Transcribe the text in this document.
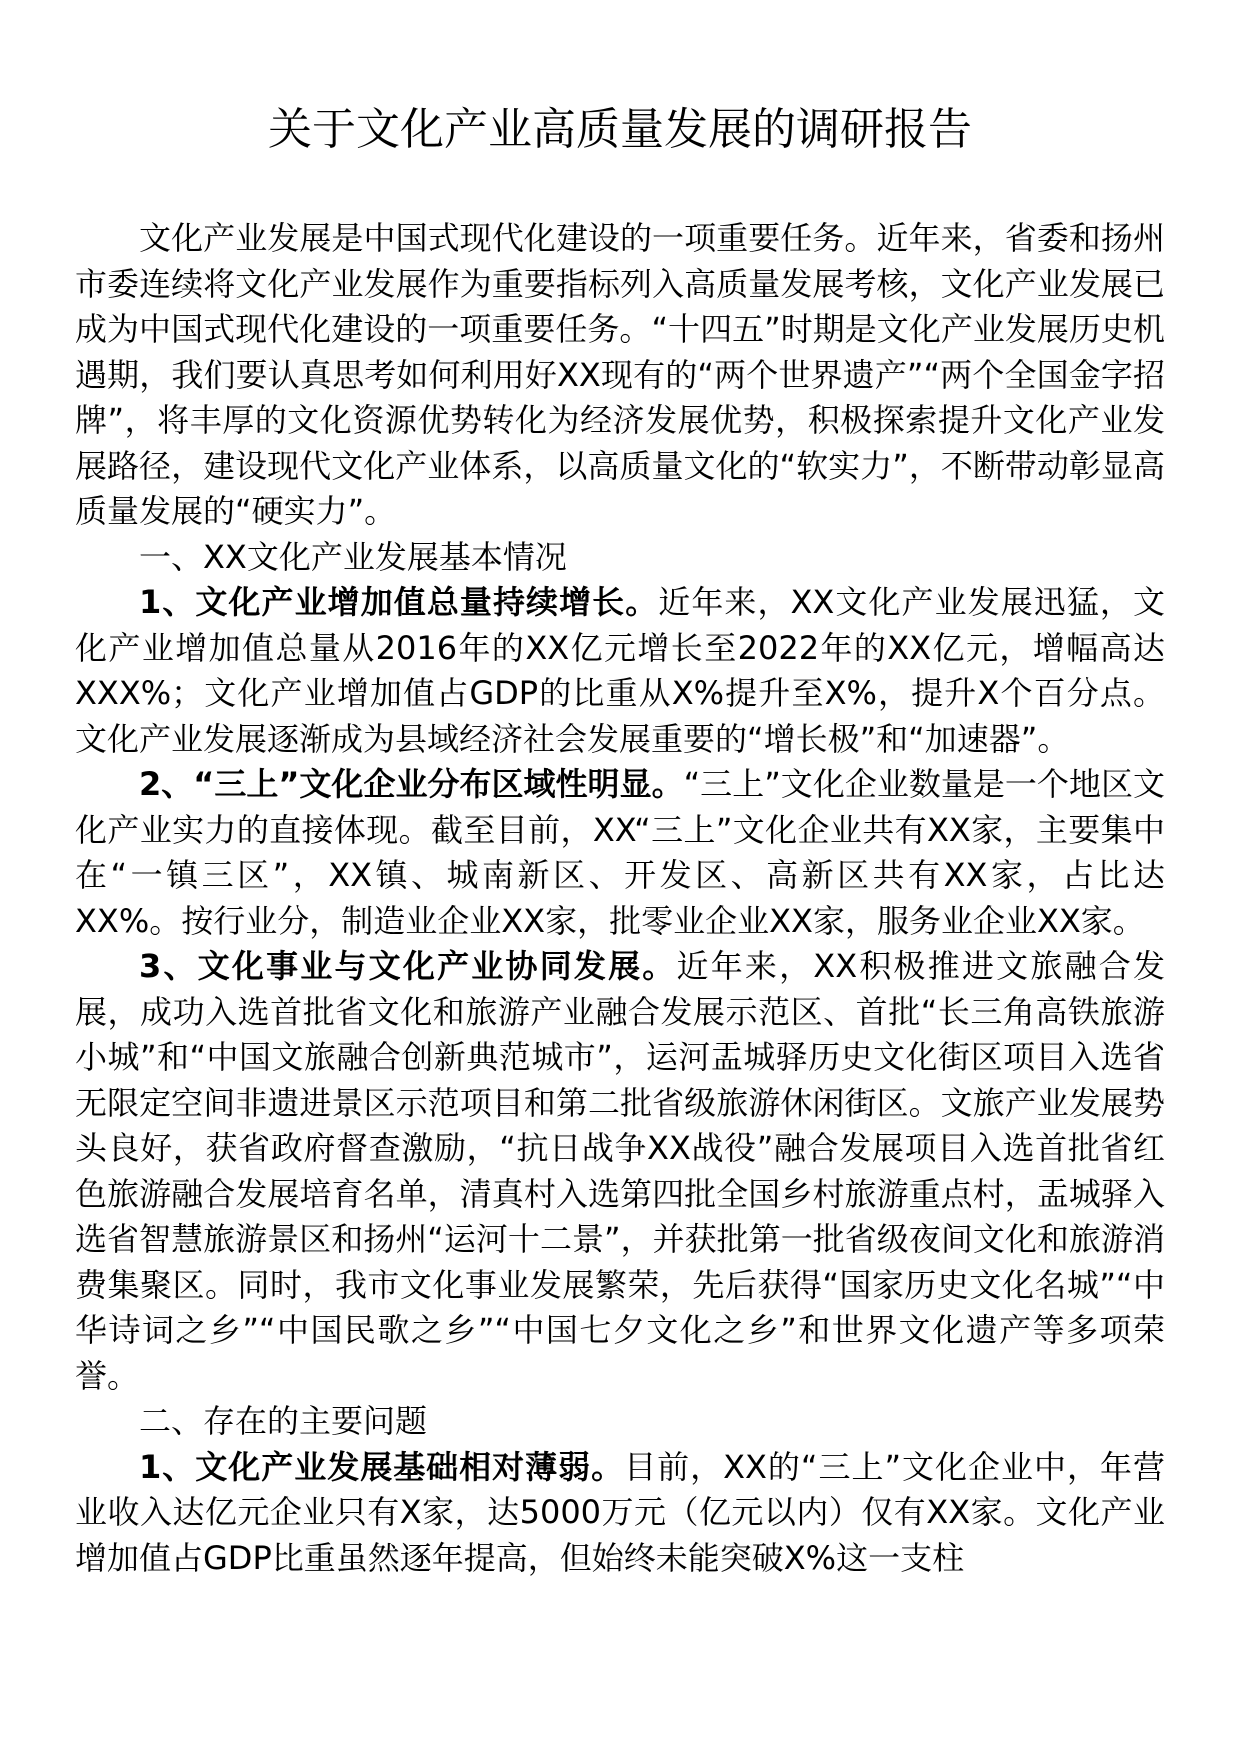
关于文化产业高质量发展的调研报告

文化产业发展是中国式现代化建设的一项重要任务。近年来，省委和扬州市委连续将文化产业发展作为重要指标列入高质量发展考核，文化产业发展已成为中国式现代化建设的一项重要任务。“十四五”时期是文化产业发展历史机遇期，我们要认真思考如何利用好XX现有的“两个世界遗产”“两个全国金字招牌”，将丰厚的文化资源优势转化为经济发展优势，积极探索提升文化产业发展路径，建设现代文化产业体系，以高质量文化的“软实力”，不断带动彰显高质量发展的“硬实力”。

一、XX文化产业发展基本情况

1、文化产业增加值总量持续增长。近年来，XX文化产业发展迅猛，文化产业增加值总量从2016年的XX亿元增长至2022年的XX亿元，增幅高达XXX%；文化产业增加值占GDP的比重从X%提升至X%，提升X个百分点。文化产业发展逐渐成为县域经济社会发展重要的“增长极”和“加速器”。

2、“三上”文化企业分布区域性明显。“三上”文化企业数量是一个地区文化产业实力的直接体现。截至目前，XX“三上”文化企业共有XX家，主要集中在“一镇三区”，XX镇、城南新区、开发区、高新区共有XX家，占比达XX%。按行业分，制造业企业XX家，批零业企业XX家，服务业企业XX家。

3、文化事业与文化产业协同发展。近年来，XX积极推进文旅融合发展，成功入选首批省文化和旅游产业融合发展示范区、首批“长三角高铁旅游小城”和“中国文旅融合创新典范城市”，运河盂城驿历史文化街区项目入选省无限定空间非遗进景区示范项目和第二批省级旅游休闲街区。文旅产业发展势头良好，获省政府督查激励，“抗日战争XX战役”融合发展项目入选首批省红色旅游融合发展培育名单，清真村入选第四批全国乡村旅游重点村，盂城驿入选省智慧旅游景区和扬州“运河十二景”，并获批第一批省级夜间文化和旅游消费集聚区。同时，我市文化事业发展繁荣，先后获得“国家历史文化名城”“中华诗词之乡”“中国民歌之乡”“中国七夕文化之乡”和世界文化遗产等多项荣誉。

二、存在的主要问题

1、文化产业发展基础相对薄弱。目前，XX的“三上”文化企业中，年营业收入达亿元企业只有X家，达5000万元（亿元以内）仅有XX家。文化产业增加值占GDP比重虽然逐年提高，但始终未能突破X%这一支柱
